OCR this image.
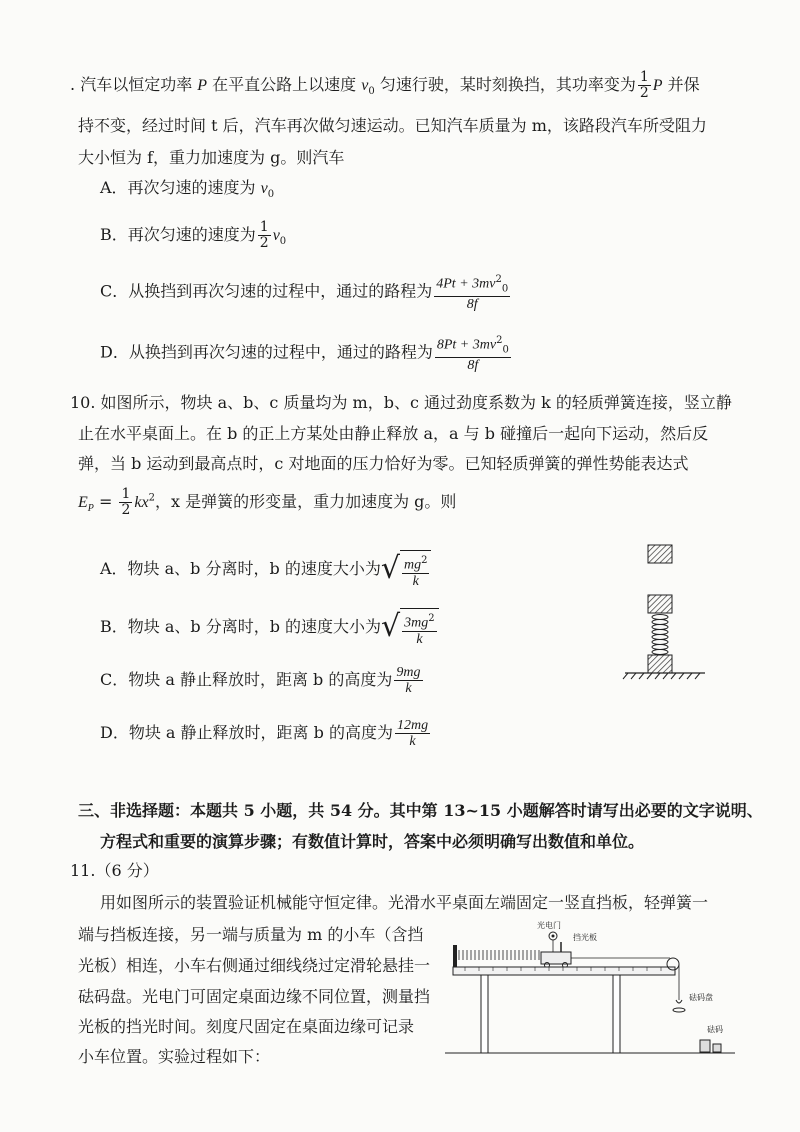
. 汽车以恒定功率 P 在平直公路上以速度 $v_0$ 匀速行驶，某时刻换挡，其功率变为 $\frac{1}{2}$ P 并保
持不变，经过时间 t 后，汽车再次做匀速运动。已知汽车质量为 m，该路段汽车所受阻力
大小恒为 f，重力加速度为 g。则汽车
A．再次匀速的速度为 $v_0$
B．再次匀速的速度为 $\frac{1}{2} v_0$
C．从换挡到再次匀速的过程中，通过的路程为 $\frac{4Pt + 3mv^2_0}{8f}$
D．从换挡到再次匀速的过程中，通过的路程为 $\frac{8Pt + 3mv^2_0}{8f}$
10. 如图所示，物块 a、b、c 质量均为 m，b、c 通过劲度系数为 k 的轻质弹簧连接，竖立静
止在水平桌面上。在 b 的正上方某处由静止释放 a，a 与 b 碰撞后一起向下运动，然后反
弹，当 b 运动到最高点时，c 对地面的压力恰好为零。已知轻质弹簧的弹性势能表达式
$E_P = \frac{1}{2} kx^2$，x 是弹簧的形变量，重力加速度为 g。则
A．物块 a、b 分离时，b 的速度大小为 √ $\frac{mg^2}{k}$
B．物块 a、b 分离时，b 的速度大小为 √ $\frac{3mg^2}{k}$
C．物块 a 静止释放时，距离 b 的高度为 $\frac{9mg}{k}$
D．物块 a 静止释放时，距离 b 的高度为 $\frac{12mg}{k}$
三、非选择题：本题共 5 小题，共 54 分。其中第 13~15 小题解答时请写出必要的文字说明、
方程式和重要的演算步骤；有数值计算时，答案中必须明确写出数值和单位。
11.（6 分）
用如图所示的装置验证机械能守恒定律。光滑水平桌面左端固定一竖直挡板，轻弹簧一
端与挡板连接，另一端与质量为 m 的小车（含挡
光板）相连，小车右侧通过细线绕过定滑轮悬挂一
砝码盘。光电门可固定桌面边缘不同位置，测量挡
光板的挡光时间。刻度尺固定在桌面边缘可记录
小车位置。实验过程如下：
光电门
挡光板
砝码盘
砝码
